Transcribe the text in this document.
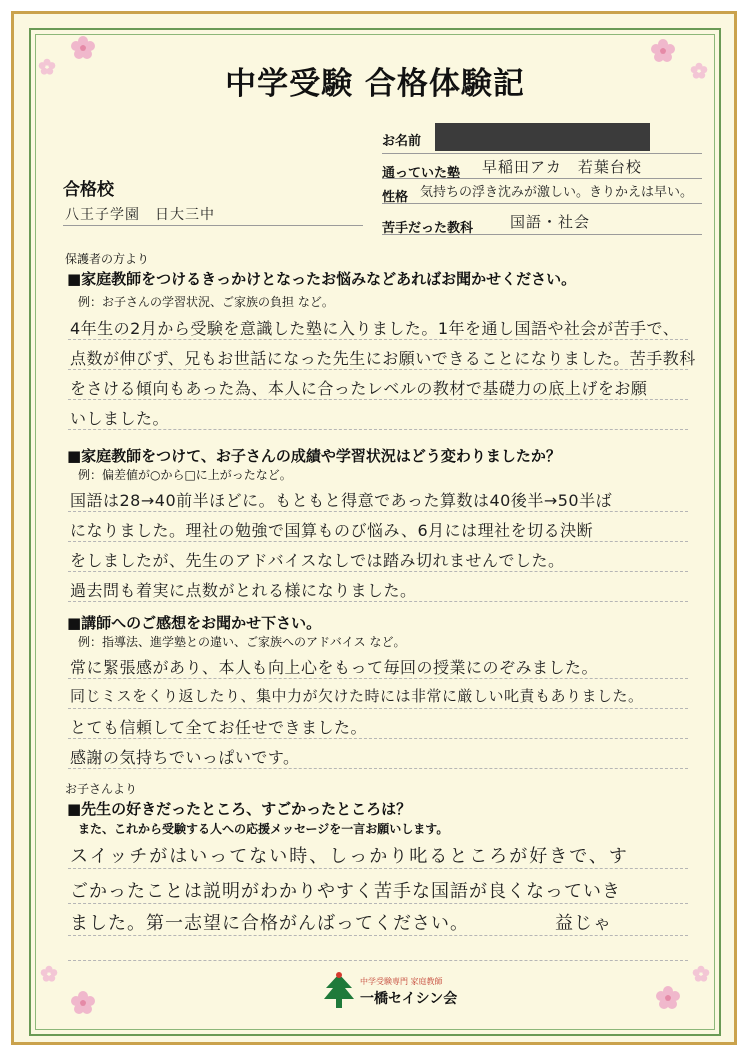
中学受験 合格体験記
お名前
通っていた塾 早稲田アカ　若葉台校
性格 気持ちの浮き沈みが激しい。きりかえは早い。
苦手だった教科 国語・社会
合格校
八王子学園　日大三中
保護者の方より
■家庭教師をつけるきっかけとなったお悩みなどあればお聞かせください。
例：お子さんの学習状況、ご家族の負担 など。
4年生の2月から受験を意識した塾に入りました。1年を通し国語や社会が苦手で、
点数が伸びず、兄もお世話になった先生にお願いできることになりました。苦手教科
をさける傾向もあった為、本人に合ったレベルの教材で基礎力の底上げをお願
いしました。
■家庭教師をつけて、お子さんの成績や学習状況はどう変わりましたか？
例：偏差値が○から□に上がったなど。
国語は28→40前半ほどに。もともと得意であった算数は40後半→50半ば
になりました。理社の勉強で国算ものび悩み、6月には理社を切る決断
をしましたが、先生のアドバイスなしでは踏み切れませんでした。
過去問も着実に点数がとれる様になりました。
■講師へのご感想をお聞かせ下さい。
例：指導法、進学塾との違い、ご家族へのアドバイス など。
常に緊張感があり、本人も向上心をもって毎回の授業にのぞみました。
同じミスをくり返したり、集中力が欠けた時には非常に厳しい叱責もありました。
とても信頼して全てお任せできました。
感謝の気持ちでいっぱいです。
お子さんより
■先生の好きだったところ、すごかったところは？
また、これから受験する人への応援メッセージを一言お願いします。
スイッチがはいってない時、しっかり叱るところが好きで、す
ごかったことは説明がわかりやすく苦手な国語が良くなっていき
ました。第一志望に合格がんばってください。　　　　　益じゃ
中学受験専門 家庭教師
一橋セイシン会
